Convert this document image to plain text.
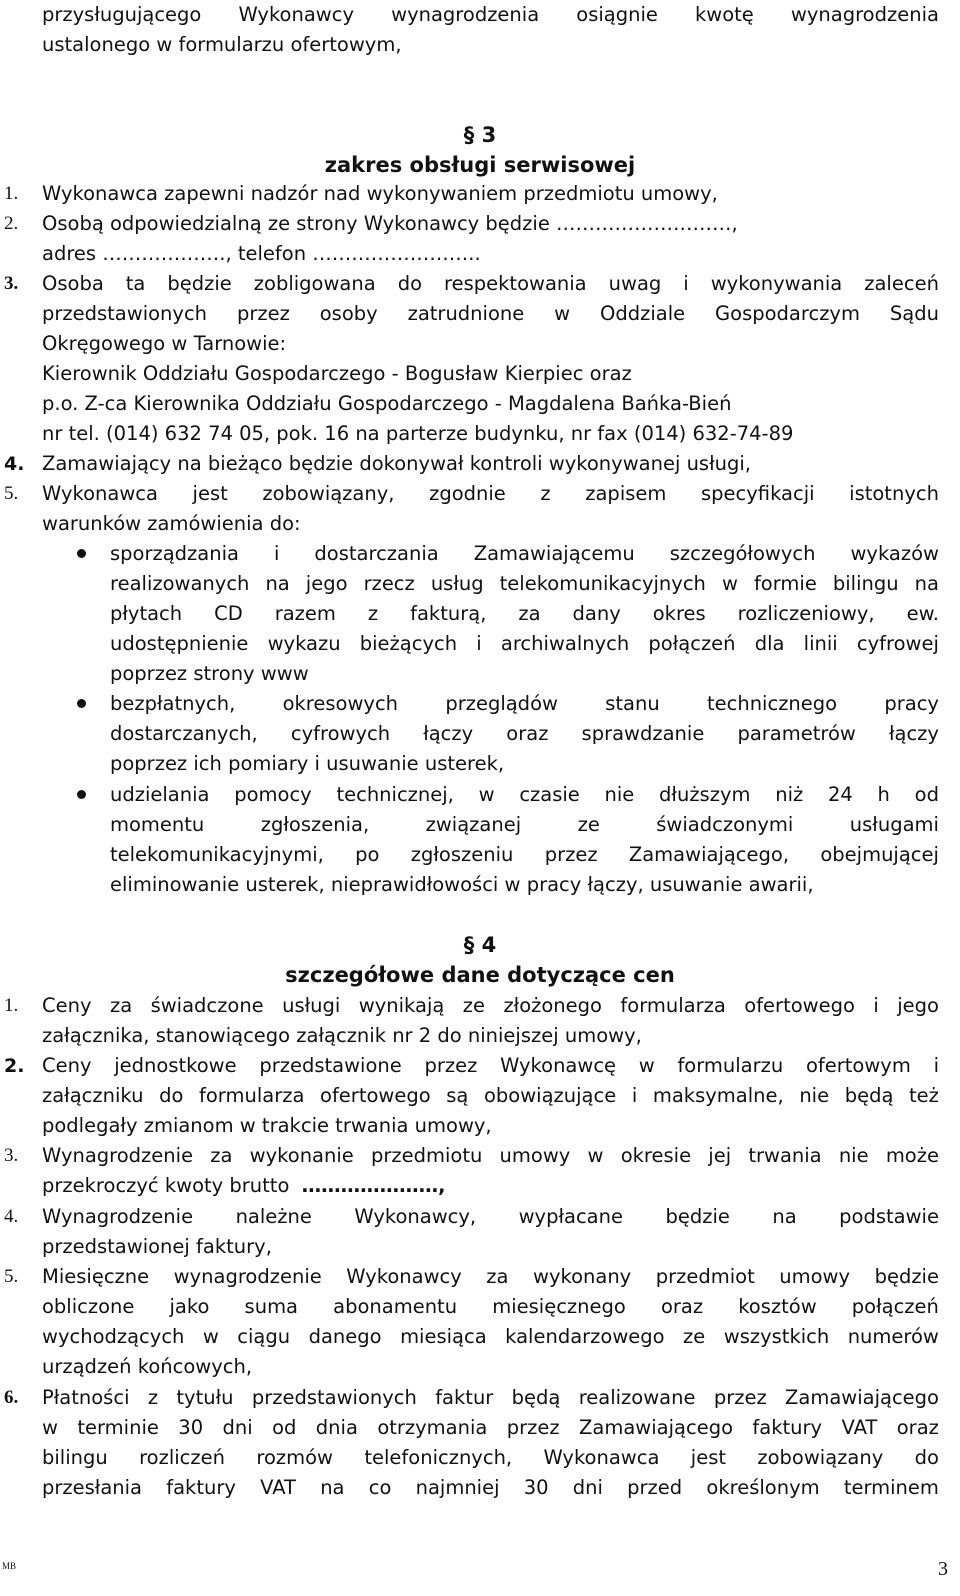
przysługującego Wykonawcy wynagrodzenia osiągnie kwotę wynagrodzenia
ustalonego w formularzu ofertowym,
§ 3
zakres obsługi serwisowej
1. Wykonawca zapewni nadzór nad wykonywaniem przedmiotu umowy,
2. Osobą odpowiedzialną ze strony Wykonawcy będzie ………………………,
adres ………………., telefon ……………………..
3. Osoba ta będzie zobligowana do respektowania uwag i wykonywania zaleceń
przedstawionych przez osoby zatrudnione w Oddziale Gospodarczym Sądu
Okręgowego w Tarnowie:
Kierownik Oddziału Gospodarczego - Bogusław Kierpiec oraz
p.o. Z-ca Kierownika Oddziału Gospodarczego - Magdalena Bańka-Bień
nr tel. (014) 632 74 05, pok. 16 na parterze budynku, nr fax (014) 632-74-89
4. Zamawiający na bieżąco będzie dokonywał kontroli wykonywanej usługi,
5. Wykonawca jest zobowiązany, zgodnie z zapisem specyfikacji istotnych
warunków zamówienia do:
sporządzania i dostarczania Zamawiającemu szczegółowych wykazów
realizowanych na jego rzecz usług telekomunikacyjnych w formie bilingu na
płytach CD razem z fakturą, za dany okres rozliczeniowy, ew.
udostępnienie wykazu bieżących i archiwalnych połączeń dla linii cyfrowej
poprzez strony www
bezpłatnych, okresowych przeglądów stanu technicznego pracy
dostarczanych, cyfrowych łączy oraz sprawdzanie parametrów łączy
poprzez ich pomiary i usuwanie usterek,
udzielania pomocy technicznej, w czasie nie dłuższym niż 24 h od
momentu	zgłoszenia,	związanej	ze	świadczonymi	usługami
telekomunikacyjnymi, po zgłoszeniu przez Zamawiającego, obejmującej
eliminowanie usterek, nieprawidłowości w pracy łączy, usuwanie awarii,
§ 4
szczegółowe dane dotyczące cen
1. Ceny za świadczone usługi wynikają ze złożonego formularza ofertowego i jego
załącznika, stanowiącego załącznik nr 2 do niniejszej umowy,
2. Ceny jednostkowe przedstawione przez Wykonawcę w formularzu ofertowym i
załączniku do formularza ofertowego są obowiązujące i maksymalne, nie będą też
podlegały zmianom w trakcie trwania umowy,
3. Wynagrodzenie za wykonanie przedmiotu umowy w okresie jej trwania nie może
przekroczyć kwoty brutto …………………,
4. Wynagrodzenie należne Wykonawcy, wypłacane będzie na podstawie
przedstawionej faktury,
5. Miesięczne wynagrodzenie Wykonawcy za wykonany przedmiot umowy będzie
obliczone jako suma abonamentu miesięcznego oraz kosztów połączeń
wychodzących w ciągu danego miesiąca kalendarzowego ze wszystkich numerów
urządzeń końcowych,
6. Płatności z tytułu przedstawionych faktur będą realizowane przez Zamawiającego
w terminie 30 dni od dnia otrzymania przez Zamawiającego faktury VAT oraz
bilingu rozliczeń rozmów telefonicznych, Wykonawca jest zobowiązany do
przesłania faktury VAT na co najmniej 30 dni przed określonym terminem
MB	3
